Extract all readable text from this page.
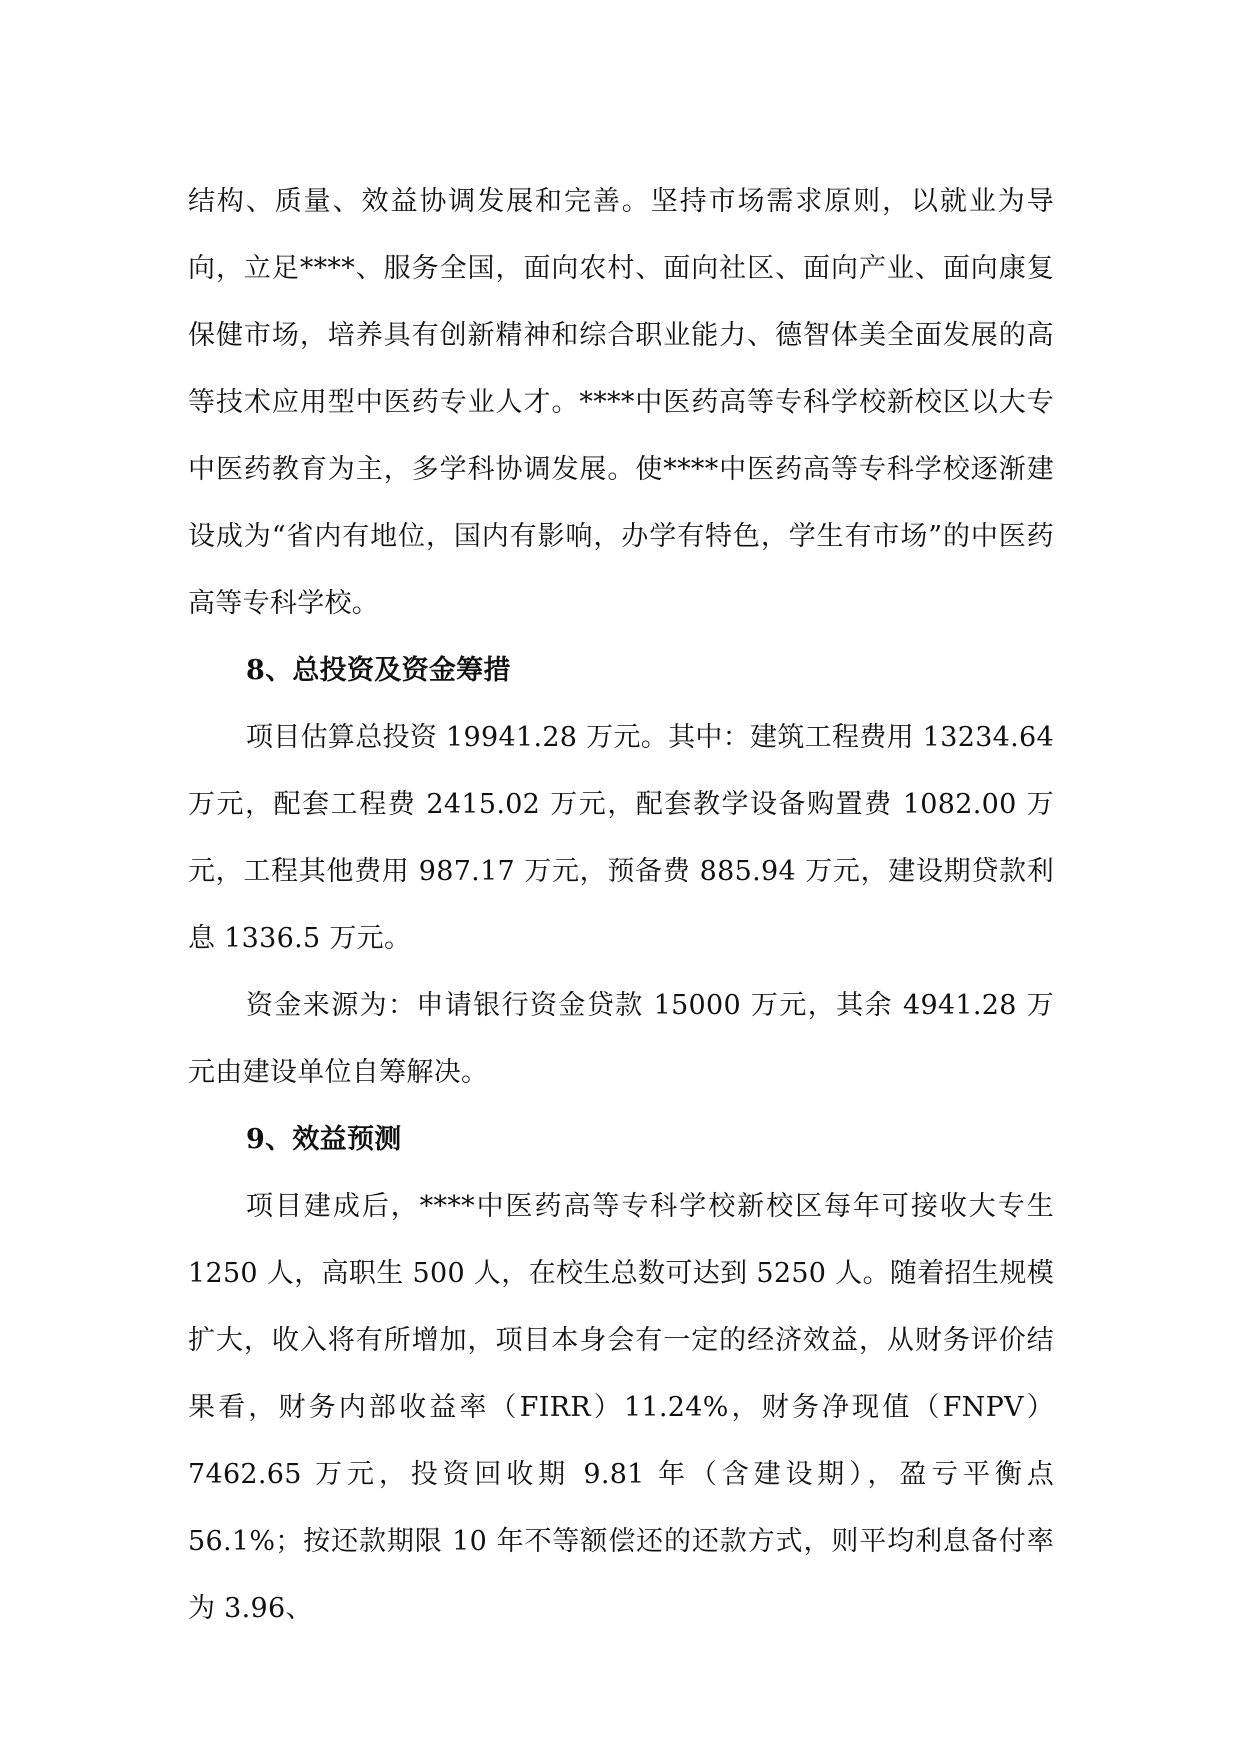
结构、质量、效益协调发展和完善。坚持市场需求原则，以就业为导向，立足****、服务全国，面向农村、面向社区、面向产业、面向康复保健市场，培养具有创新精神和综合职业能力、德智体美全面发展的高等技术应用型中医药专业人才。****中医药高等专科学校新校区以大专中医药教育为主，多学科协调发展。使****中医药高等专科学校逐渐建设成为“省内有地位，国内有影响，办学有特色，学生有市场”的中医药高等专科学校。

8、总投资及资金筹措

项目估算总投资 19941.28 万元。其中：建筑工程费用 13234.64 万元，配套工程费 2415.02 万元，配套教学设备购置费 1082.00 万元，工程其他费用 987.17 万元，预备费 885.94 万元，建设期贷款利息 1336.5 万元。

资金来源为：申请银行资金贷款 15000 万元，其余 4941.28 万元由建设单位自筹解决。

9、效益预测

项目建成后，****中医药高等专科学校新校区每年可接收大专生 1250 人，高职生 500 人，在校生总数可达到 5250 人。随着招生规模扩大，收入将有所增加，项目本身会有一定的经济效益，从财务评价结果看，财务内部收益率（FIRR）11.24%，财务净现值（FNPV）7462.65 万元，投资回收期 9.81 年（含建设期），盈亏平衡点 56.1%；按还款期限 10 年不等额偿还的还款方式，则平均利息备付率为 3.96、
